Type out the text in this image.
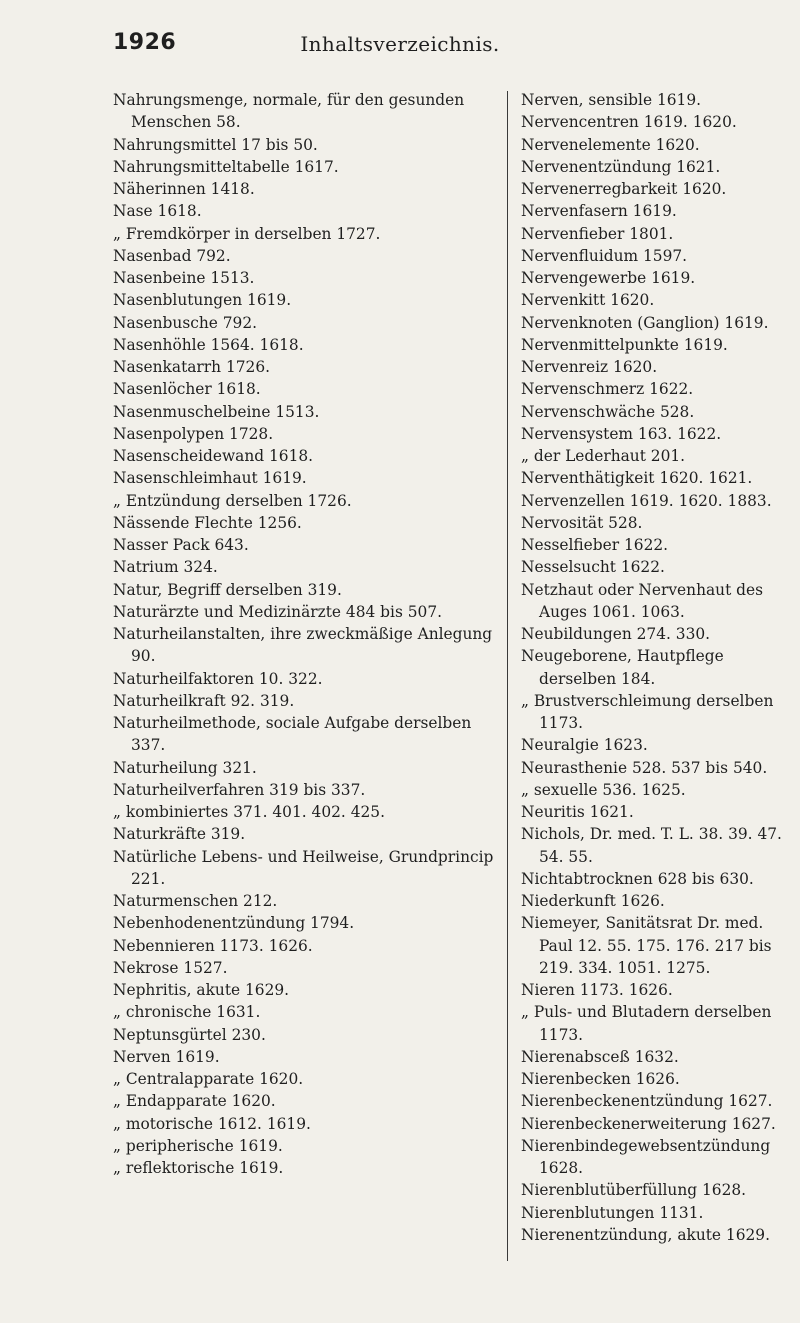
1926	Inhaltsverzeichnis.
Nahrungsmenge, normale, für den gesunden Menschen 58.
Nahrungsmittel 17 bis 50.
Nahrungsmitteltabelle 1617.
Näherinnen 1418.
Nase 1618.
„ Fremdkörper in derselben 1727.
Nasenbad 792.
Nasenbeine 1513.
Nasenblutungen 1619.
Nasenbusche 792.
Nasenhöhle 1564. 1618.
Nasenkatarrh 1726.
Nasenlöcher 1618.
Nasenmuschelbeine 1513.
Nasenpolypen 1728.
Nasenscheidewand 1618.
Nasenschleimhaut 1619.
„ Entzündung derselben 1726.
Nässende Flechte 1256.
Nasser Pack 643.
Natrium 324.
Natur, Begriff derselben 319.
Naturärzte und Medizinärzte 484 bis 507.
Naturheilanstalten, ihre zweckmäßige Anlegung 90.
Naturheilfaktoren 10. 322.
Naturheilkraft 92. 319.
Naturheilmethode, sociale Aufgabe derselben 337.
Naturheilung 321.
Naturheilverfahren 319 bis 337.
„ kombiniertes 371. 401. 402. 425.
Naturkräfte 319.
Natürliche Lebens- und Heilweise, Grundprincip 221.
Naturmenschen 212.
Nebenhodenentzündung 1794.
Nebennieren 1173. 1626.
Nekrose 1527.
Nephritis, akute 1629.
„ chronische 1631.
Neptunsgürtel 230.
Nerven 1619.
„ Centralapparate 1620.
„ Endapparate 1620.
„ motorische 1612. 1619.
„ peripherische 1619.
„ reflektorische 1619.
Nerven, sensible 1619.
Nervencentren 1619. 1620.
Nervenelemente 1620.
Nervenentzündung 1621.
Nervenerregbarkeit 1620.
Nervenfasern 1619.
Nervenfieber 1801.
Nervenfluidum 1597.
Nervengewerbe 1619.
Nervenkitt 1620.
Nervenknoten (Ganglion) 1619.
Nervenmittelpunkte 1619.
Nervenreiz 1620.
Nervenschmerz 1622.
Nervenschwäche 528.
Nervensystem 163. 1622.
„ der Lederhaut 201.
Nerventhätigkeit 1620. 1621.
Nervenzellen 1619. 1620. 1883.
Nervosität 528.
Nesselfieber 1622.
Nesselsucht 1622.
Netzhaut oder Nervenhaut des Auges 1061. 1063.
Neubildungen 274. 330.
Neugeborene, Hautpflege derselben 184.
„ Brustverschleimung derselben 1173.
Neuralgie 1623.
Neurasthenie 528. 537 bis 540.
„ sexuelle 536. 1625.
Neuritis 1621.
Nichols, Dr. med. T. L. 38. 39. 47. 54. 55.
Nichtabtrocknen 628 bis 630.
Niederkunft 1626.
Niemeyer, Sanitätsrat Dr. med. Paul 12. 55. 175. 176. 217 bis 219. 334. 1051. 1275.
Nieren 1173. 1626.
„ Puls- und Blutadern derselben 1173.
Nierenabsceß 1632.
Nierenbecken 1626.
Nierenbeckenentzündung 1627.
Nierenbeckenerweiterung 1627.
Nierenbindegewebsentzündung 1628.
Nierenblutüberfüllung 1628.
Nierenblutungen 1131.
Nierenentzündung, akute 1629.
